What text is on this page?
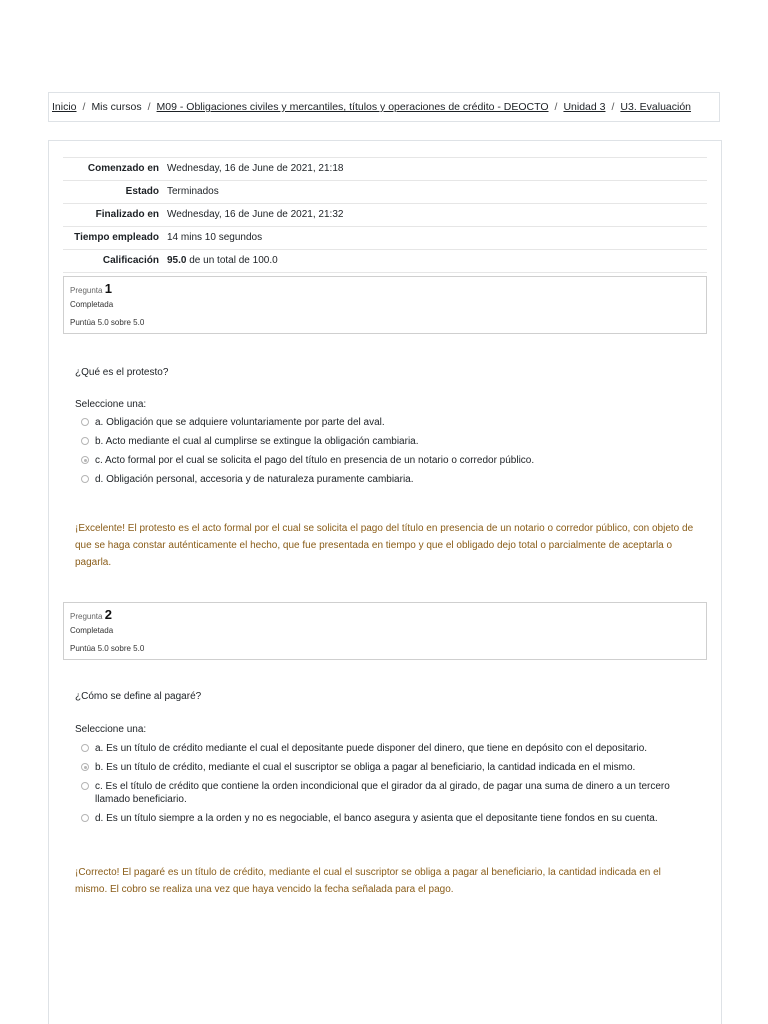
Inicio / Mis cursos / M09 - Obligaciones civiles y mercantiles, títulos y operaciones de crédito - DEOCTO / Unidad 3 / U3. Evaluación
Comenzado en	Wednesday, 16 de June de 2021, 21:18
Estado	Terminados
Finalizado en	Wednesday, 16 de June de 2021, 21:32
Tiempo empleado	14 mins 10 segundos
Calificación	95.0 de un total de 100.0
Pregunta 1
Completada
Puntúa 5.0 sobre 5.0
¿Qué es el protesto?
Seleccione una:
a. Obligación que se adquiere voluntariamente por parte del aval.
b. Acto mediante el cual al cumplirse se extingue la obligación cambiaria.
c. Acto formal por el cual se solicita el pago del título en presencia de un notario o corredor público.
d. Obligación personal, accesoria y de naturaleza puramente cambiaria.
¡Excelente! El protesto es el acto formal por el cual se solicita el pago del título en presencia de un notario o corredor público, con objeto de que se haga constar auténticamente el hecho, que fue presentada en tiempo y que el obligado dejo total o parcialmente de aceptarla o pagarla.
Pregunta 2
Completada
Puntúa 5.0 sobre 5.0
¿Cómo se define al pagaré?
Seleccione una:
a. Es un título de crédito mediante el cual el depositante puede disponer del dinero, que tiene en depósito con el depositario.
b. Es un título de crédito, mediante el cual el suscriptor se obliga a pagar al beneficiario, la cantidad indicada en el mismo.
c. Es el título de crédito que contiene la orden incondicional que el girador da al girado, de pagar una suma de dinero a un tercero llamado beneficiario.
d. Es un título siempre a la orden y no es negociable, el banco asegura y asienta que el depositante tiene fondos en su cuenta.
¡Correcto! El pagaré es un título de crédito, mediante el cual el suscriptor se obliga a pagar al beneficiario, la cantidad indicada en el mismo. El cobro se realiza una vez que haya vencido la fecha señalada para el pago.
